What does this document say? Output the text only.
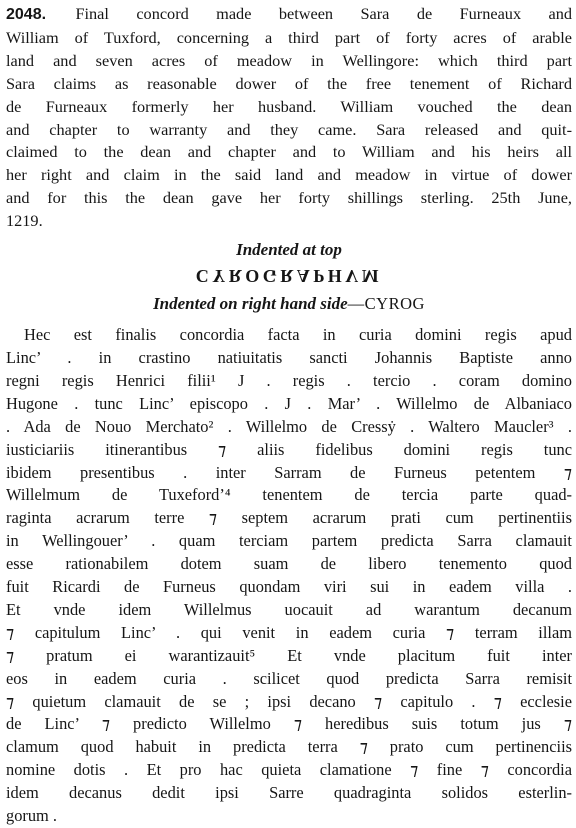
2048. Final concord made between Sara de Furneaux and
William of Tuxford, concerning a third part of forty acres of arable
land and seven acres of meadow in Wellingore: which third part
Sara claims as reasonable dower of the free tenement of Richard
de Furneaux formerly her husband. William vouched the dean
and chapter to warranty and they came. Sara released and quit-
claimed to the dean and chapter and to William and his heirs all
her right and claim in the said land and meadow in virtue of dower
and for this the dean gave her forty shillings sterling. 25th June,
1219.

Indented at top

CYROGRAPHVM

Indented on right hand side—CYROG

Hec est finalis concordia facta in curia domini regis apud
Linc’ . in crastino natiuitatis sancti Johannis Baptiste anno
regni regis Henrici filii¹ J . regis . tercio . coram domino
Hugone . tunc Linc’ episcopo . J . Mar’ . Willelmo de Albaniaco
. Ada de Nouo Merchato² . Willelmo de Cressẏ . Waltero Maucler³ .
iusticiariis itinerantibus ⁊ aliis fidelibus domini regis tunc
ibidem presentibus . inter Sarram de Furneus petentem ⁊
Willelmum de Tuxeford’⁴ tenentem de tercia parte quad-
raginta acrarum terre ⁊ septem acrarum prati cum pertinentiis
in Wellingouer’ . quam terciam partem predicta Sarra clamauit
esse rationabilem dotem suam de libero tenemento quod
fuit Ricardi de Furneus quondam viri sui in eadem villa .
Et vnde idem Willelmus uocauit ad warantum decanum
⁊ capitulum Linc’ . qui venit in eadem curia ⁊ terram illam
⁊ pratum ei warantizauit⁵ Et vnde placitum fuit inter
eos in eadem curia . scilicet quod predicta Sarra remisit
⁊ quietum clamauit de se ; ipsi decano ⁊ capitulo . ⁊ ecclesie
de Linc’ ⁊ predicto Willelmo ⁊ heredibus suis totum jus ⁊
clamum quod habuit in predicta terra ⁊ prato cum pertinenciis
nomine dotis . Et pro hac quieta clamatione ⁊ fine ⁊ concordia
idem decanus dedit ipsi Sarre quadraginta solidos esterlin-
gorum .
